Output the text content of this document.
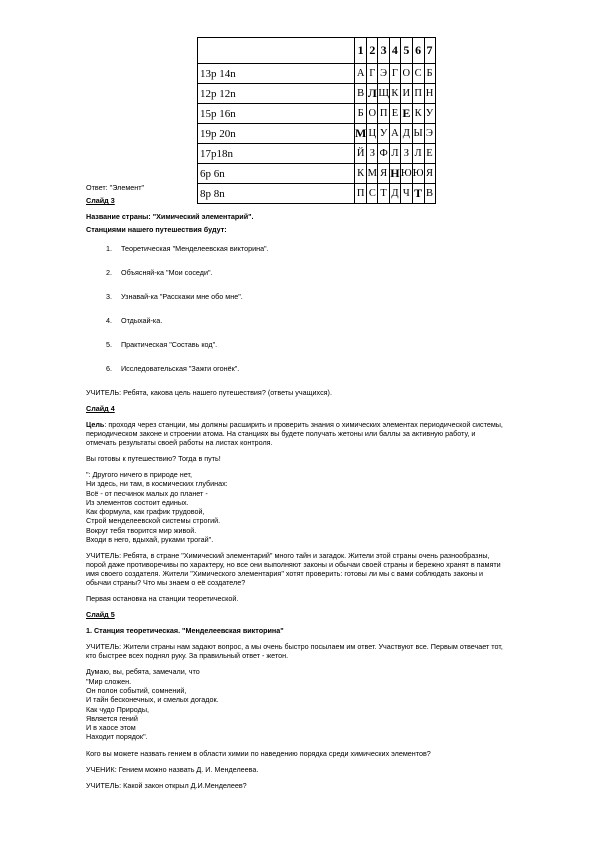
	1	2	3	4	5	6	7
13р 14n	А	Г	Э	Г	О	С	Б
12р 12n	В	Л	Щ	К	И	П	Н
15р 16n	Б	О	П	Е	Е	К	У
19р 20n	М	Ц	У	А	Д	Ы	Э
17р18n	Й	З	Ф	Л	З	Л	Е
6р 6n	К	М	Я	Н	Ю	Ю	Я
8р 8n	П	С	Т	Д	Ч	Т	В
Ответ: "Элемент"
Слайд 3
Название страны: "Химический элементарий".
Станциями нашего путешествия будут:
1. Теоретическая "Менделеевская викторина".
2. Объясняй-ка "Мои соседи".
3. Узнавай-ка "Расскажи мне обо мне".
4. Отдыхай-ка.
5. Практическая "Составь код".
6. Исследовательская "Зажги огонёк".
УЧИТЕЛЬ: Ребята, какова цель нашего путешествия? (ответы учащихся).
Слайд 4
Цель: проходя через станции, мы должны расширить и проверить знания о химических элементах периодической системы, периодическом законе и строении атома. На станциях вы будете получать жетоны или баллы за активную работу, и отмечать результаты своей работы на листах контроля.
Вы готовы к путешествию? Тогда в путь!
": Другого ничего в природе нет,
Ни здесь, ни там, в космических глубинах:
Всё - от песчинок малых до планет -
Из элементов состоит единых.
Как формула, как график трудовой,
Строй менделеевской системы строгий.
Вокруг тебя творится мир живой.
Входи в него, вдыхай, руками трогай".
УЧИТЕЛЬ: Ребята, в стране "Химический элементарий" много тайн и загадок. Жители этой страны очень разнообразны, порой даже противоречивы по характеру, но все они выполняют законы и обычаи своей страны и бережно хранят в памяти имя своего создателя. Жители "Химического элементария" хотят проверить: готовы ли мы с вами соблюдать законы и обычаи страны? Что мы знаем о её создателе?
Первая остановка на станции теоретической.
Слайд 5
1. Станция теоретическая. "Менделеевская викторина"
УЧИТЕЛЬ: Жители страны нам задают вопрос, а мы очень быстро посылаем им ответ. Участвуют все. Первым отвечает тот, кто быстрее всех поднял руку. За правильный ответ - жетон.
Думаю, вы, ребята, замечали, что
"Мир сложен.
Он полон событий, сомнений,
И тайн бесконечных, и смелых догадок.
Как чудо Природы,
Является гений
И в хаосе этом
Находит порядок".
Кого вы можете назвать гением в области химии по наведению порядка среди химических элементов?
УЧЕНИК: Гением можно назвать Д. И. Менделеева.
УЧИТЕЛЬ: Какой закон открыл Д.И.Менделеев?
